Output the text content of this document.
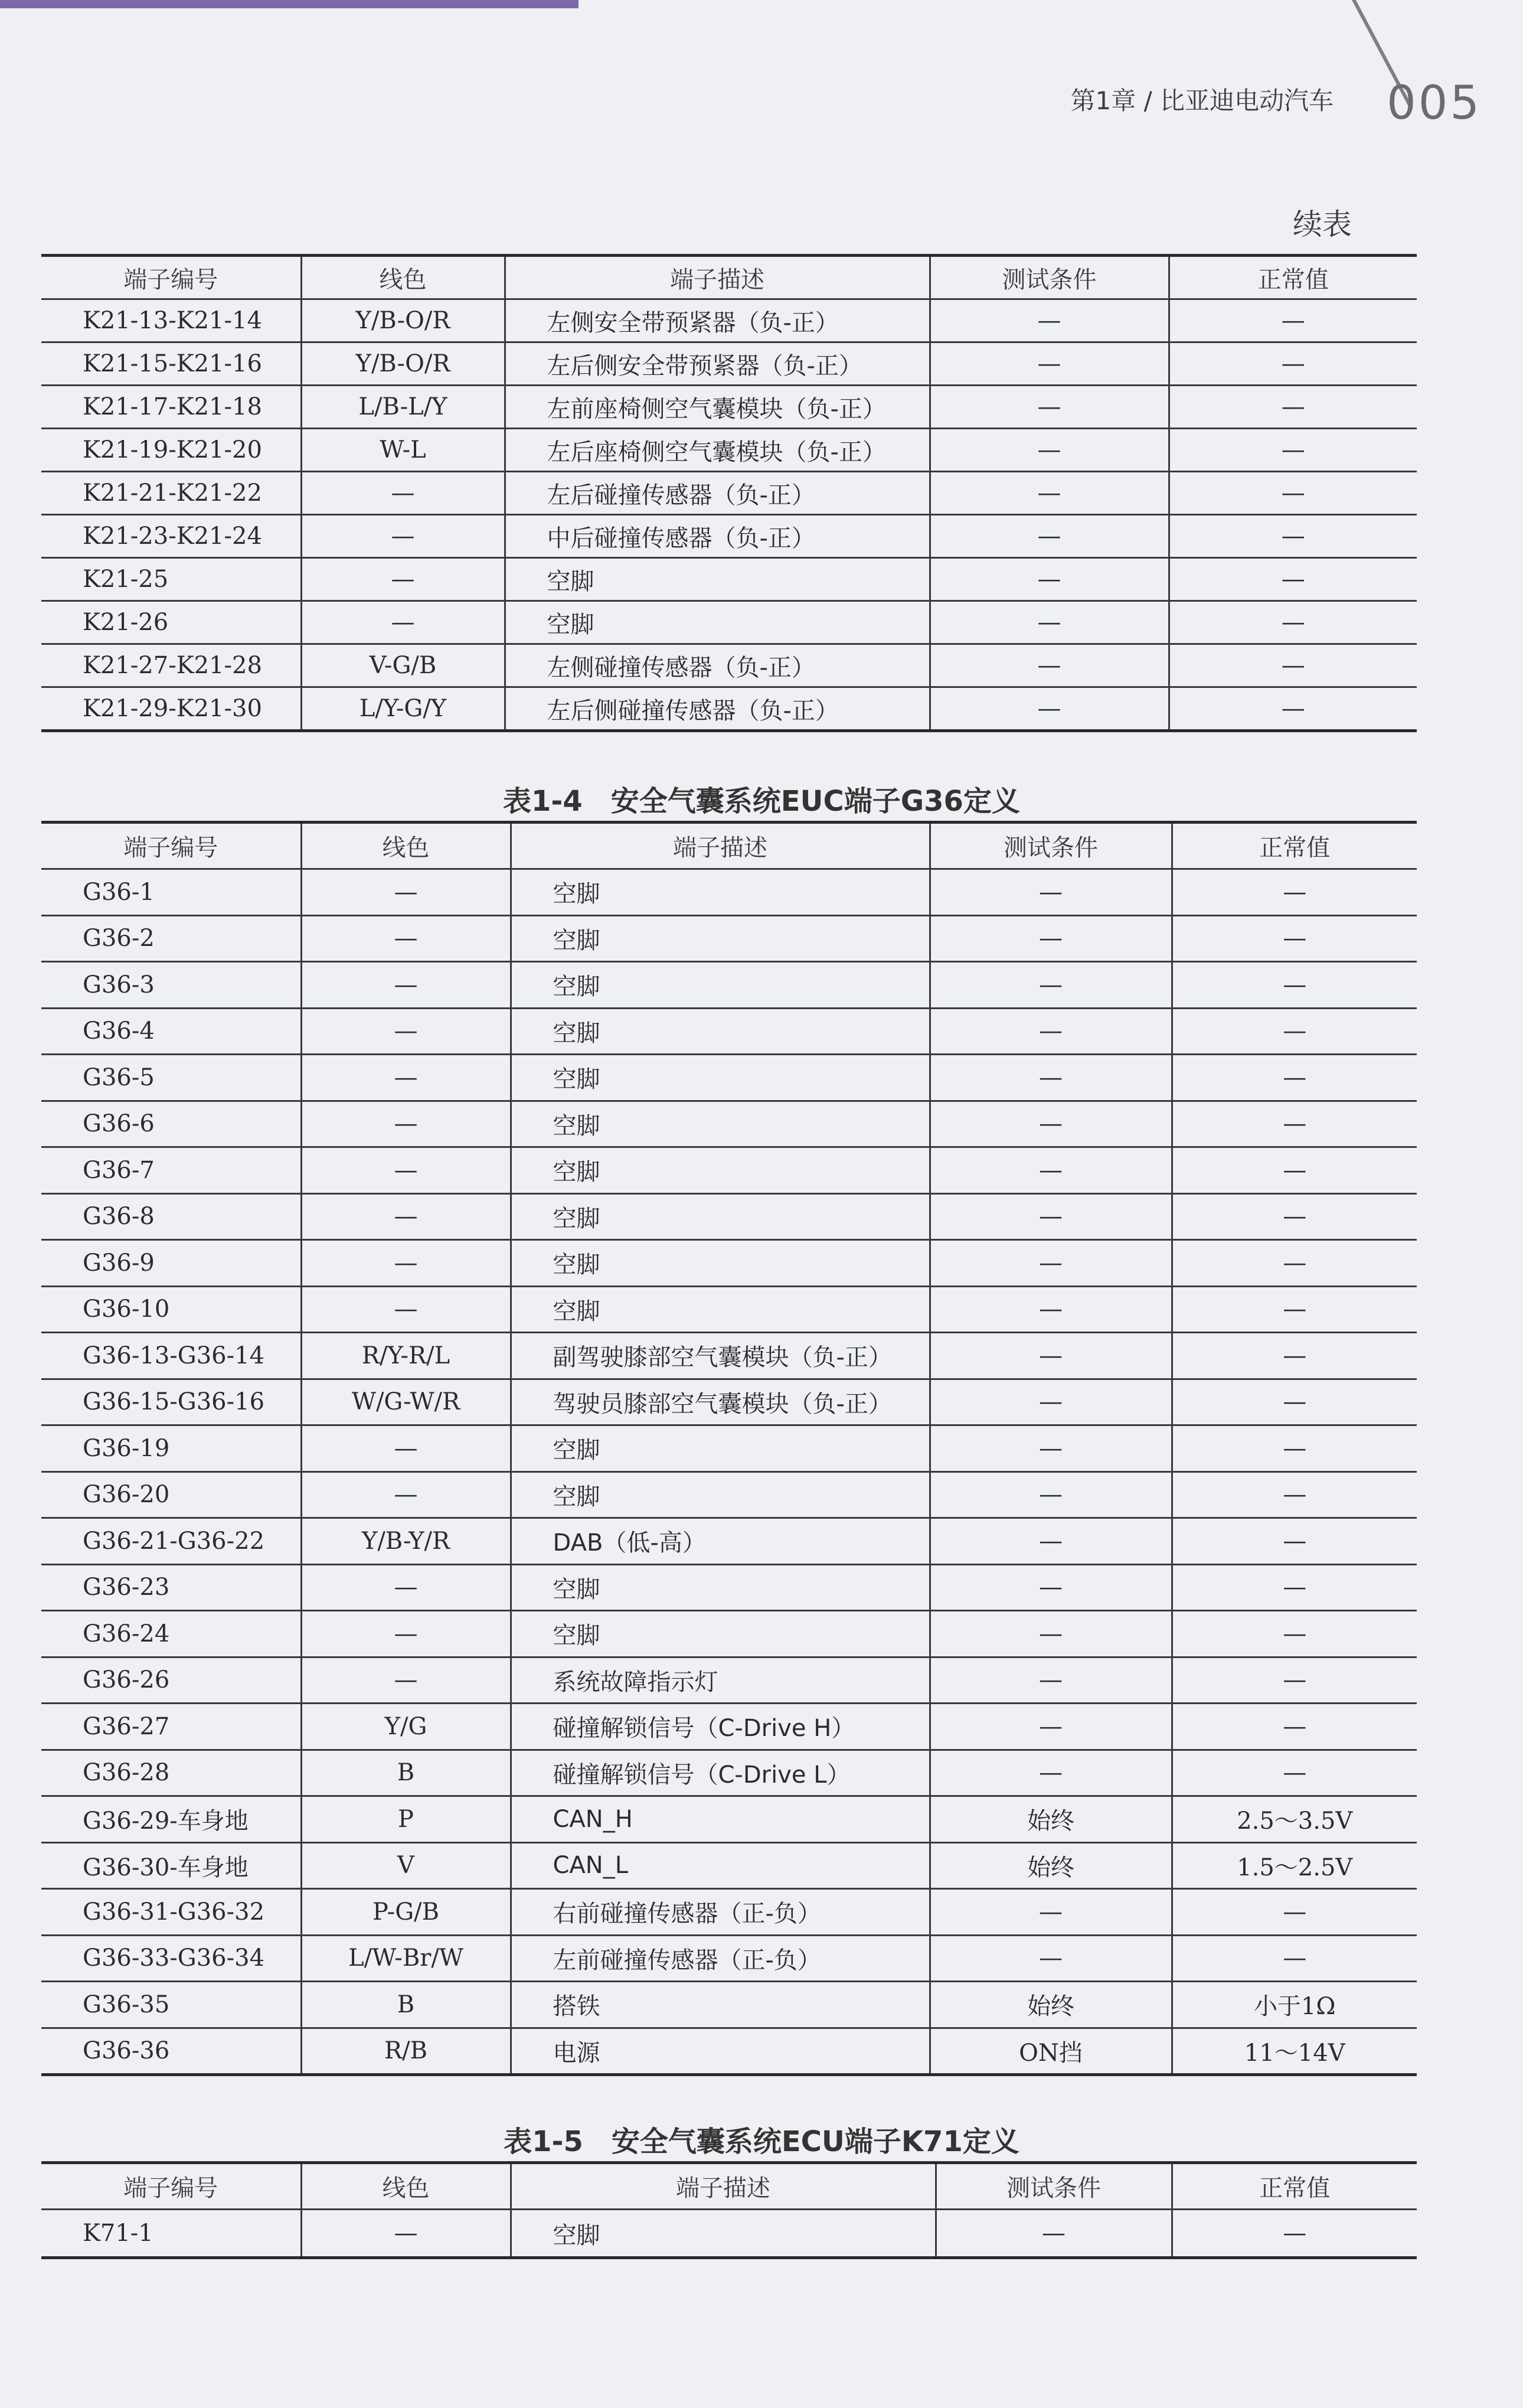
第1章 / 比亚迪电动汽车 005
续表
端子编号	线色	端子描述	测试条件	正常值
K21-13-K21-14	Y/B-O/R	左侧安全带预紧器（负-正）	—	—
K21-15-K21-16	Y/B-O/R	左后侧安全带预紧器（负-正）	—	—
K21-17-K21-18	L/B-L/Y	左前座椅侧空气囊模块（负-正）	—	—
K21-19-K21-20	W-L	左后座椅侧空气囊模块（负-正）	—	—
K21-21-K21-22	—	左后碰撞传感器（负-正）	—	—
K21-23-K21-24	—	中后碰撞传感器（负-正）	—	—
K21-25	—	空脚	—	—
K21-26	—	空脚	—	—
K21-27-K21-28	V-G/B	左侧碰撞传感器（负-正）	—	—
K21-29-K21-30	L/Y-G/Y	左后侧碰撞传感器（负-正）	—	—
表1-4　安全气囊系统EUC端子G36定义
端子编号	线色	端子描述	测试条件	正常值
G36-1	—	空脚	—	—
G36-2	—	空脚	—	—
G36-3	—	空脚	—	—
G36-4	—	空脚	—	—
G36-5	—	空脚	—	—
G36-6	—	空脚	—	—
G36-7	—	空脚	—	—
G36-8	—	空脚	—	—
G36-9	—	空脚	—	—
G36-10	—	空脚	—	—
G36-13-G36-14	R/Y-R/L	副驾驶膝部空气囊模块（负-正）	—	—
G36-15-G36-16	W/G-W/R	驾驶员膝部空气囊模块（负-正）	—	—
G36-19	—	空脚	—	—
G36-20	—	空脚	—	—
G36-21-G36-22	Y/B-Y/R	DAB（低-高）	—	—
G36-23	—	空脚	—	—
G36-24	—	空脚	—	—
G36-26	—	系统故障指示灯	—	—
G36-27	Y/G	碰撞解锁信号（C-Drive H）	—	—
G36-28	B	碰撞解锁信号（C-Drive L）	—	—
G36-29-车身地	P	CAN_H	始终	2.5～3.5V
G36-30-车身地	V	CAN_L	始终	1.5～2.5V
G36-31-G36-32	P-G/B	右前碰撞传感器（正-负）	—	—
G36-33-G36-34	L/W-Br/W	左前碰撞传感器（正-负）	—	—
G36-35	B	搭铁	始终	小于1Ω
G36-36	R/B	电源	ON挡	11～14V
表1-5　安全气囊系统ECU端子K71定义
端子编号	线色	端子描述	测试条件	正常值
K71-1	—	空脚	—	—
